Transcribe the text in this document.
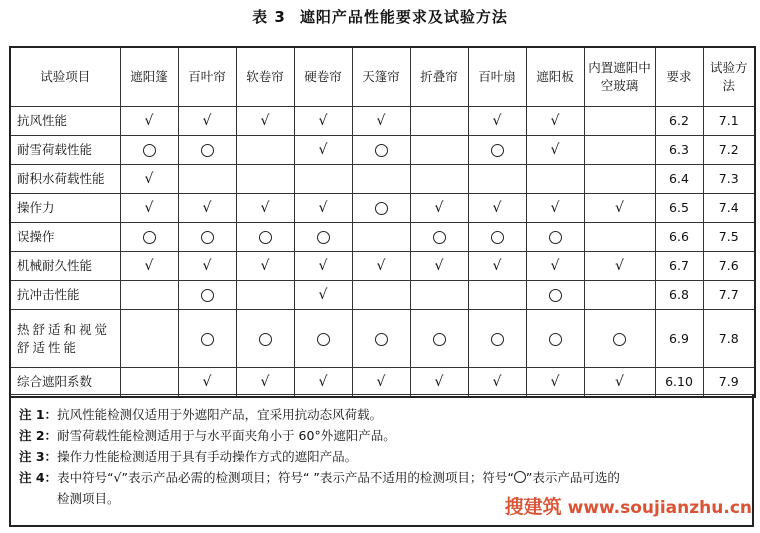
表 3 遮阳产品性能要求及试验方法
试验项目	遮阳篷	百叶帘	软卷帘	硬卷帘	天篷帘	折叠帘	百叶扇	遮阳板	内置遮阳中空玻璃	要求	试验方法
抗风性能	√	√	√	√	√		√	√		6.2	7.1
耐雪荷载性能				√				√		6.3	7.2
耐积水荷载性能	√									6.4	7.3
操作力	√	√	√	√		√	√	√	√	6.5	7.4
误操作										6.6	7.5
机械耐久性能	√	√	√	√	√	√	√	√	√	6.7	7.6
抗冲击性能				√						6.8	7.7
热舒适和视觉舒适性能										6.9	7.8
综合遮阳系数		√	√	√	√	√	√	√	√	6.10	7.9
注 1：抗风性能检测仅适用于外遮阳产品，宜采用抗动态风荷载。
注 2：耐雪荷载性能检测适用于与水平面夹角小于 60°外遮阳产品。
注 3：操作力性能检测适用于具有手动操作方式的遮阳产品。
注 4：表中符号“√”表示产品必需的检测项目；符号“ ”表示产品不适用的检测项目；符号“ ”表示产品可选的
检测项目。	搜建筑 www.soujianzhu.cn
